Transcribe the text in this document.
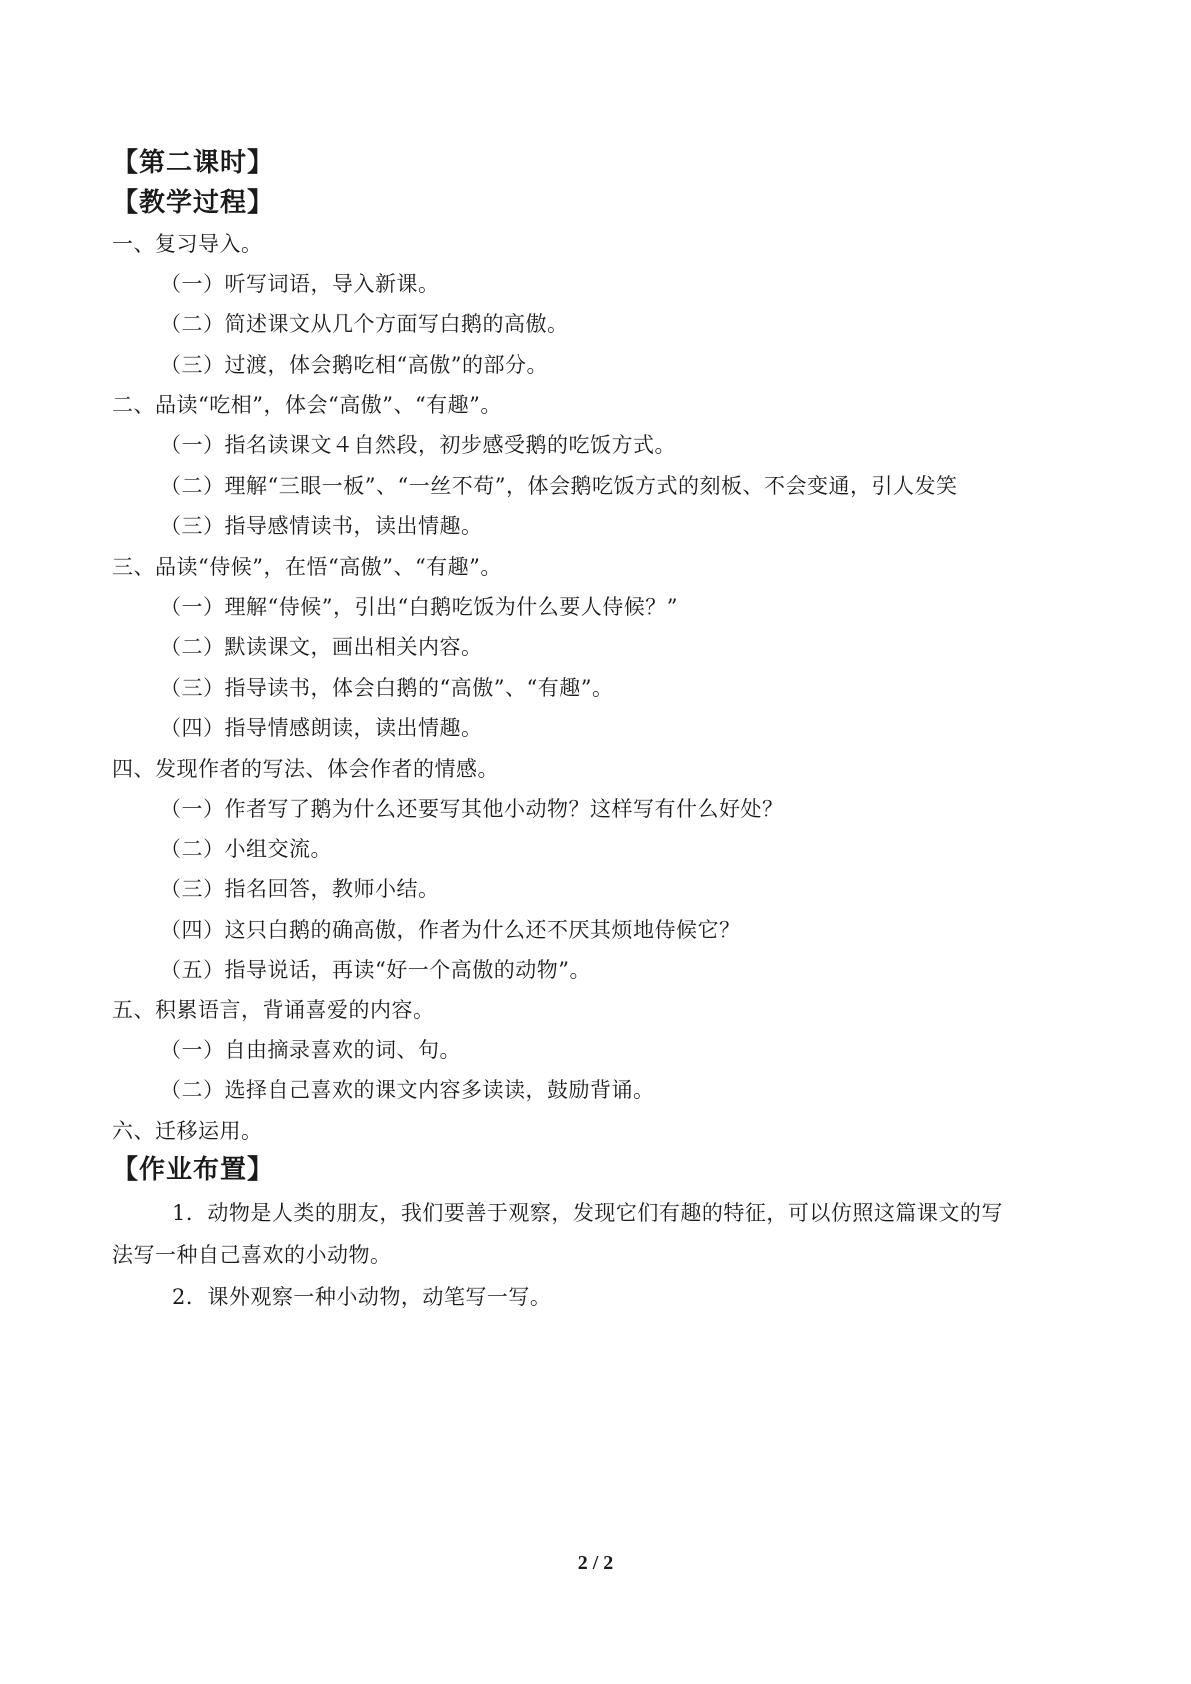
【第二课时】
【教学过程】
一、复习导入。
（一）听写词语，导入新课。
（二）简述课文从几个方面写白鹅的高傲。
（三）过渡，体会鹅吃相“高傲”的部分。
二、品读“吃相”，体会“高傲”、“有趣”。
（一）指名读课文４自然段，初步感受鹅的吃饭方式。
（二）理解“三眼一板”、“一丝不苟”，体会鹅吃饭方式的刻板、不会变通，引人发笑
（三）指导感情读书，读出情趣。
三、品读“侍候”，在悟“高傲”、“有趣”。
（一）理解“侍候”，引出“白鹅吃饭为什么要人侍候？”
（二）默读课文，画出相关内容。
（三）指导读书，体会白鹅的“高傲”、“有趣”。
（四）指导情感朗读，读出情趣。
四、发现作者的写法、体会作者的情感。
（一）作者写了鹅为什么还要写其他小动物？这样写有什么好处？
（二）小组交流。
（三）指名回答，教师小结。
（四）这只白鹅的确高傲，作者为什么还不厌其烦地侍候它？
（五）指导说话，再读“好一个高傲的动物”。
五、积累语言，背诵喜爱的内容。
（一）自由摘录喜欢的词、句。
（二）选择自己喜欢的课文内容多读读，鼓励背诵。
六、迁移运用。
【作业布置】
1．动物是人类的朋友，我们要善于观察，发现它们有趣的特征，可以仿照这篇课文的写
法写一种自己喜欢的小动物。
2．课外观察一种小动物，动笔写一写。
2 / 2
